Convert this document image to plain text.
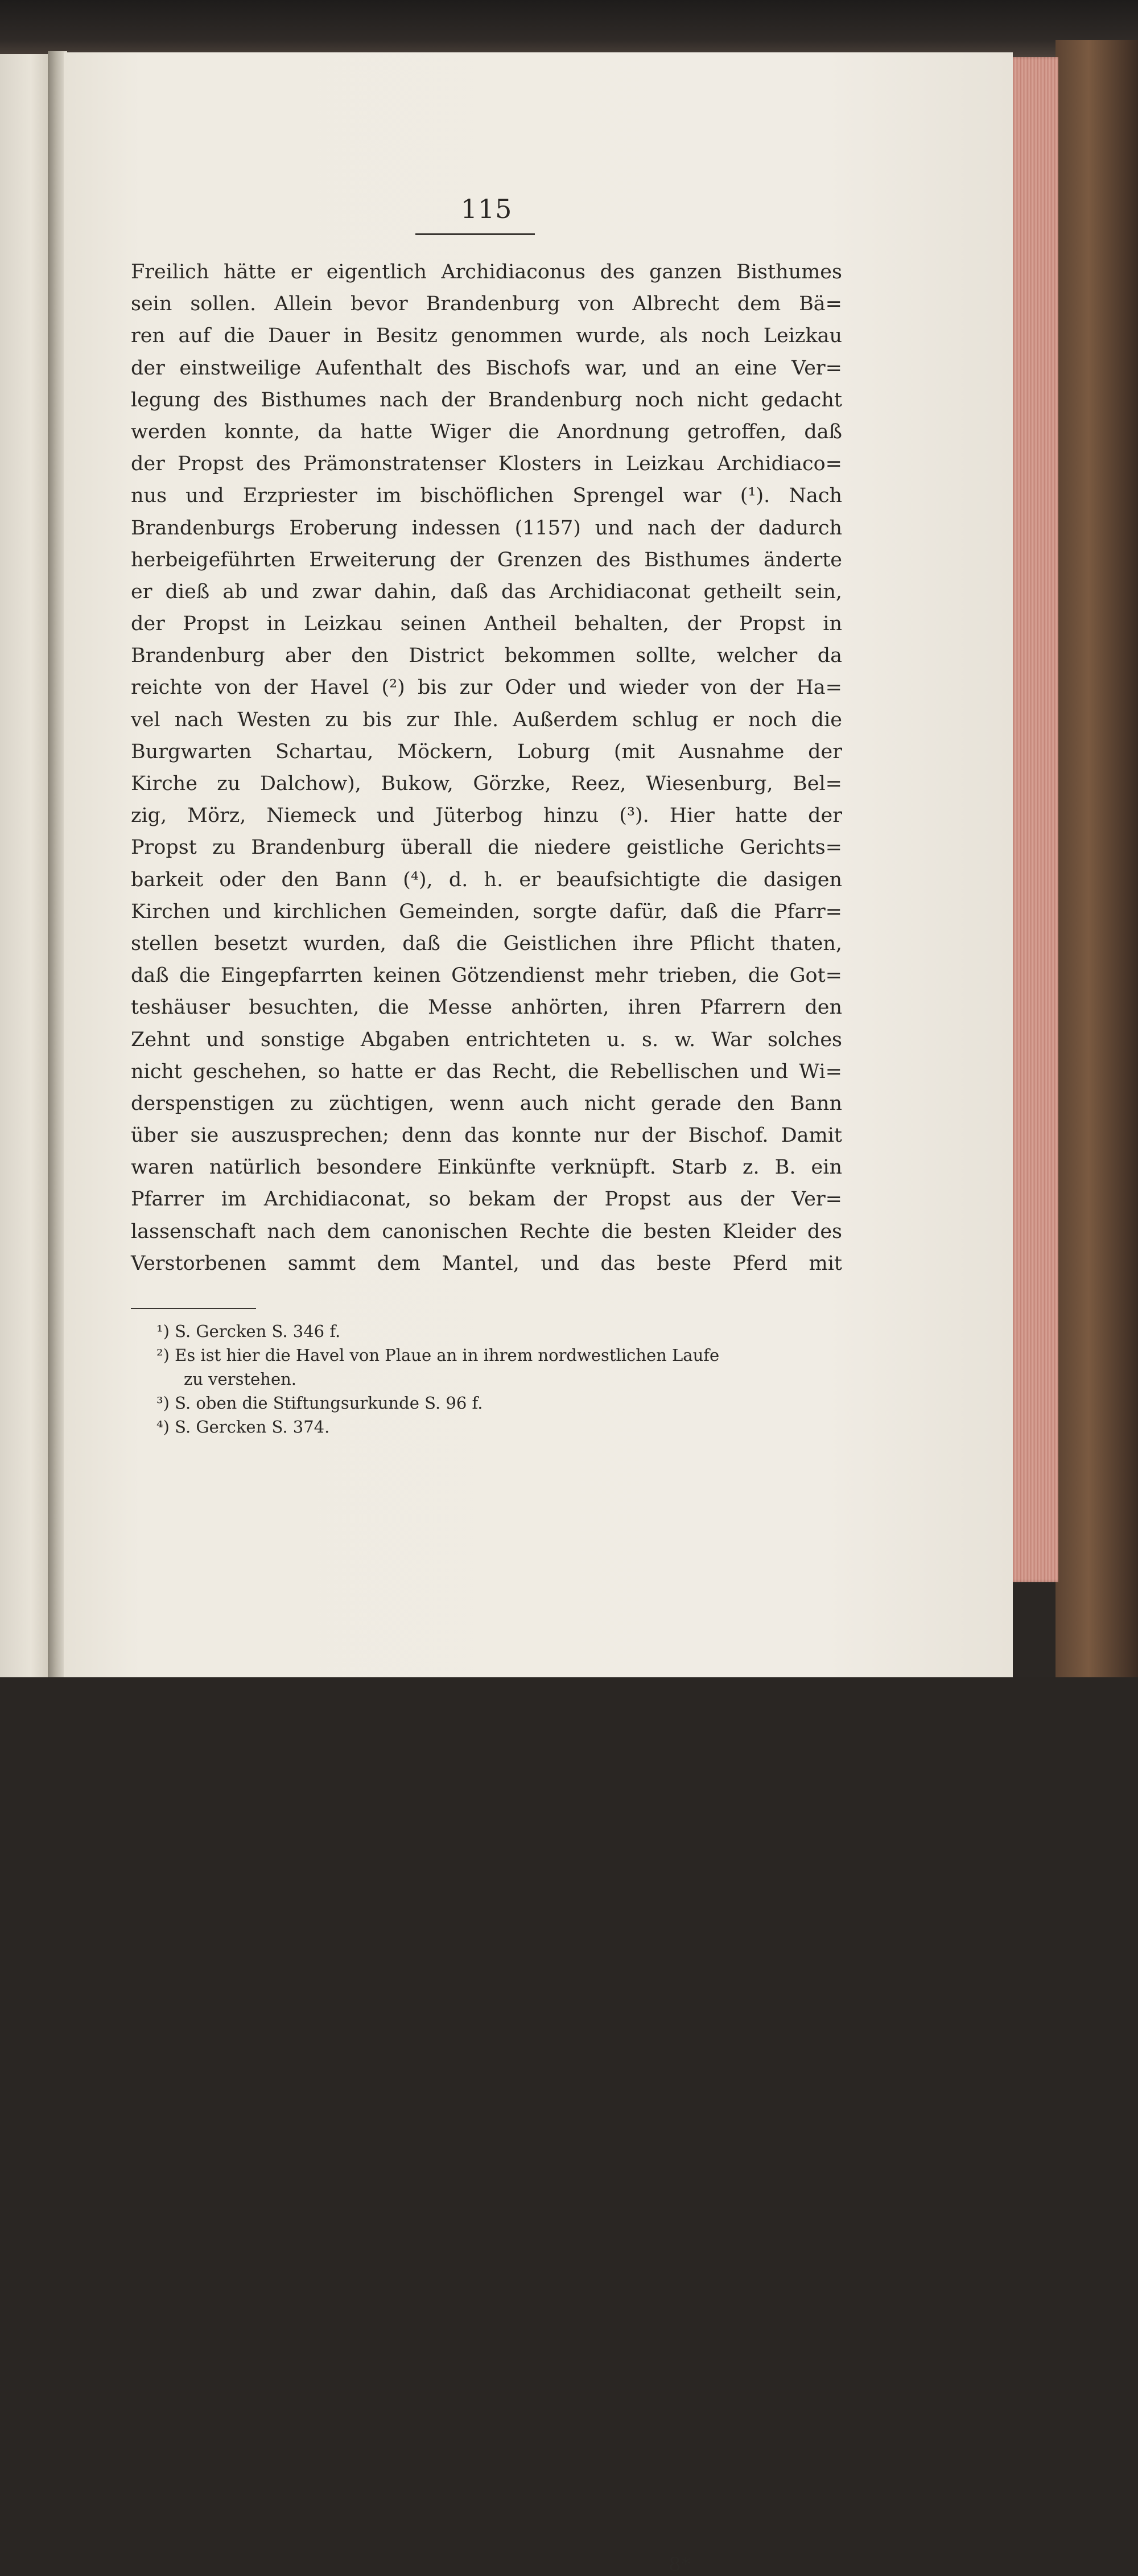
115
Freilich hätte er eigentlich Archidiaconus des ganzen Bisthumes
sein sollen. Allein bevor Brandenburg von Albrecht dem Bä=
ren auf die Dauer in Besitz genommen wurde, als noch Leizkau
der einstweilige Aufenthalt des Bischofs war, und an eine Ver=
legung des Bisthumes nach der Brandenburg noch nicht gedacht
werden konnte, da hatte Wiger die Anordnung getroffen, daß
der Propst des Prämonstratenser Klosters in Leizkau Archidiaco=
nus und Erzpriester im bischöflichen Sprengel war (¹). Nach
Brandenburgs Eroberung indessen (1157) und nach der dadurch
herbeigeführten Erweiterung der Grenzen des Bisthumes änderte
er dieß ab und zwar dahin, daß das Archidiaconat getheilt sein,
der Propst in Leizkau seinen Antheil behalten, der Propst in
Brandenburg aber den District bekommen sollte, welcher da
reichte von der Havel (²) bis zur Oder und wieder von der Ha=
vel nach Westen zu bis zur Ihle. Außerdem schlug er noch die
Burgwarten Schartau, Möckern, Loburg (mit Ausnahme der
Kirche zu Dalchow), Bukow, Görzke, Reez, Wiesenburg, Bel=
zig, Mörz, Niemeck und Jüterbog hinzu (³). Hier hatte der
Propst zu Brandenburg überall die niedere geistliche Gerichts=
barkeit oder den Bann (⁴), d. h. er beaufsichtigte die dasigen
Kirchen und kirchlichen Gemeinden, sorgte dafür, daß die Pfarr=
stellen besetzt wurden, daß die Geistlichen ihre Pflicht thaten,
daß die Eingepfarrten keinen Götzendienst mehr trieben, die Got=
teshäuser besuchten, die Messe anhörten, ihren Pfarrern den
Zehnt und sonstige Abgaben entrichteten u. s. w. War solches
nicht geschehen, so hatte er das Recht, die Rebellischen und Wi=
derspenstigen zu züchtigen, wenn auch nicht gerade den Bann
über sie auszusprechen; denn das konnte nur der Bischof. Damit
waren natürlich besondere Einkünfte verknüpft. Starb z. B. ein
Pfarrer im Archidiaconat, so bekam der Propst aus der Ver=
lassenschaft nach dem canonischen Rechte die besten Kleider des
Verstorbenen sammt dem Mantel, und das beste Pferd mit
¹) S. Gercken S. 346 f.
²) Es ist hier die Havel von Plaue an in ihrem nordwestlichen Laufe
zu verstehen.
³) S. oben die Stiftungsurkunde S. 96 f.
⁴) S. Gercken S. 374.
8*
